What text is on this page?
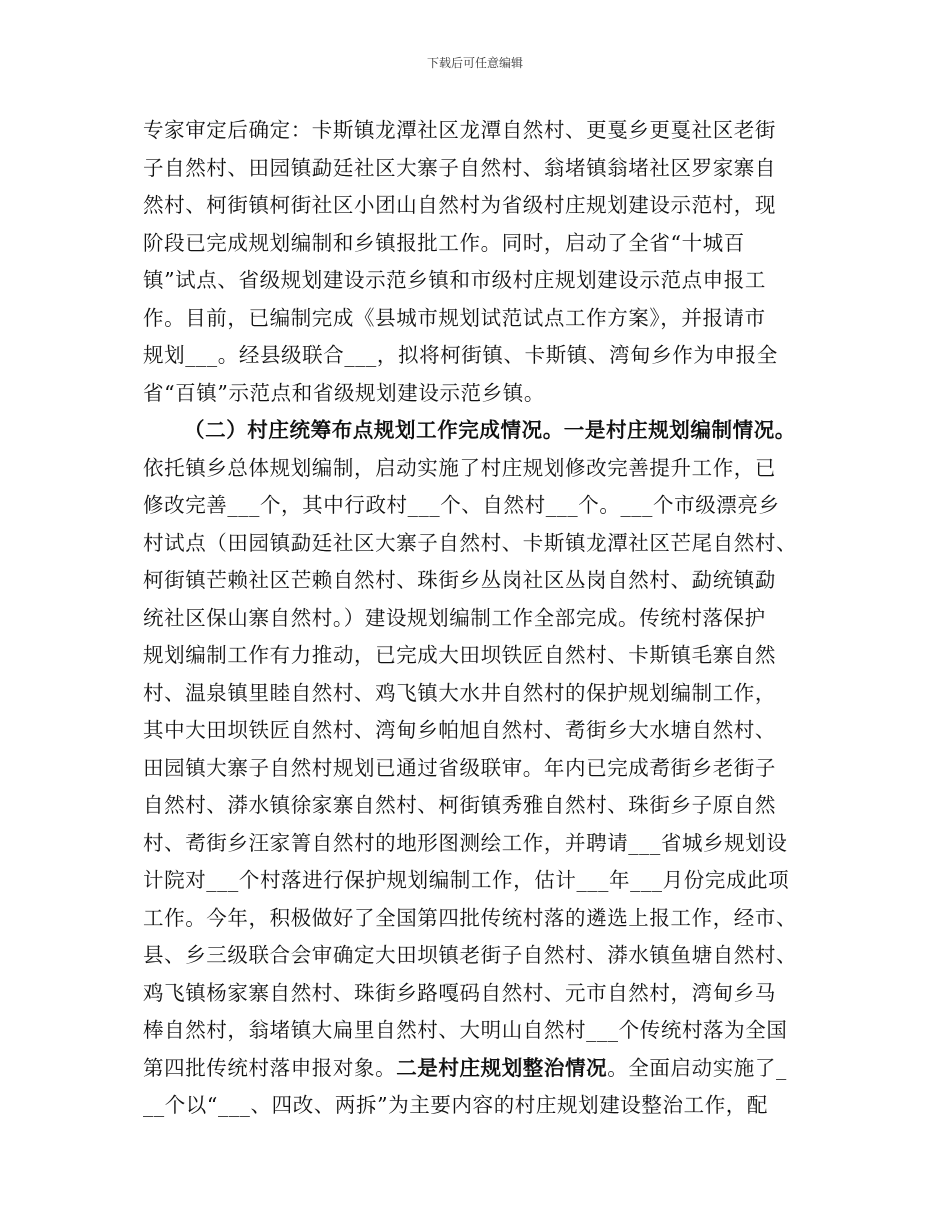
下载后可任意编辑
专家审定后确定：卡斯镇龙潭社区龙潭自然村、更戛乡更戛社区老街
子自然村、田园镇勐廷社区大寨子自然村、翁堵镇翁堵社区罗家寨自
然村、柯街镇柯街社区小团山自然村为省级村庄规划建设示范村，现
阶段已完成规划编制和乡镇报批工作。同时，启动了全省“十城百
镇”试点、省级规划建设示范乡镇和市级村庄规划建设示范点申报工
作。目前，已编制完成《县城市规划试范试点工作方案》，并报请市
规划___。经县级联合___，拟将柯街镇、卡斯镇、湾甸乡作为申报全
省“百镇”示范点和省级规划建设示范乡镇。
（二）村庄统筹布点规划工作完成情况。一是村庄规划编制情况。
依托镇乡总体规划编制，启动实施了村庄规划修改完善提升工作，已
修改完善___个，其中行政村___个、自然村___个。___个市级漂亮乡
村试点（田园镇勐廷社区大寨子自然村、卡斯镇龙潭社区芒尾自然村、
柯街镇芒赖社区芒赖自然村、珠街乡丛岗社区丛岗自然村、勐统镇勐
统社区保山寨自然村。）建设规划编制工作全部完成。传统村落保护
规划编制工作有力推动，已完成大田坝铁匠自然村、卡斯镇毛寨自然
村、温泉镇里睦自然村、鸡飞镇大水井自然村的保护规划编制工作，
其中大田坝铁匠自然村、湾甸乡帕旭自然村、耉街乡大水塘自然村、
田园镇大寨子自然村规划已通过省级联审。年内已完成耉街乡老街子
自然村、漭水镇徐家寨自然村、柯街镇秀雅自然村、珠街乡子原自然
村、耉街乡汪家箐自然村的地形图测绘工作，并聘请___省城乡规划设
计院对___个村落进行保护规划编制工作，估计___年___月份完成此项
工作。今年，积极做好了全国第四批传统村落的遴选上报工作，经市、
县、乡三级联合会审确定大田坝镇老街子自然村、漭水镇鱼塘自然村、
鸡飞镇杨家寨自然村、珠街乡路嘎码自然村、元市自然村，湾甸乡马
棒自然村，翁堵镇大扁里自然村、大明山自然村___个传统村落为全国
第四批传统村落申报对象。二是村庄规划整治情况。全面启动实施了_
__个以“___、四改、两拆”为主要内容的村庄规划建设整治工作，配
